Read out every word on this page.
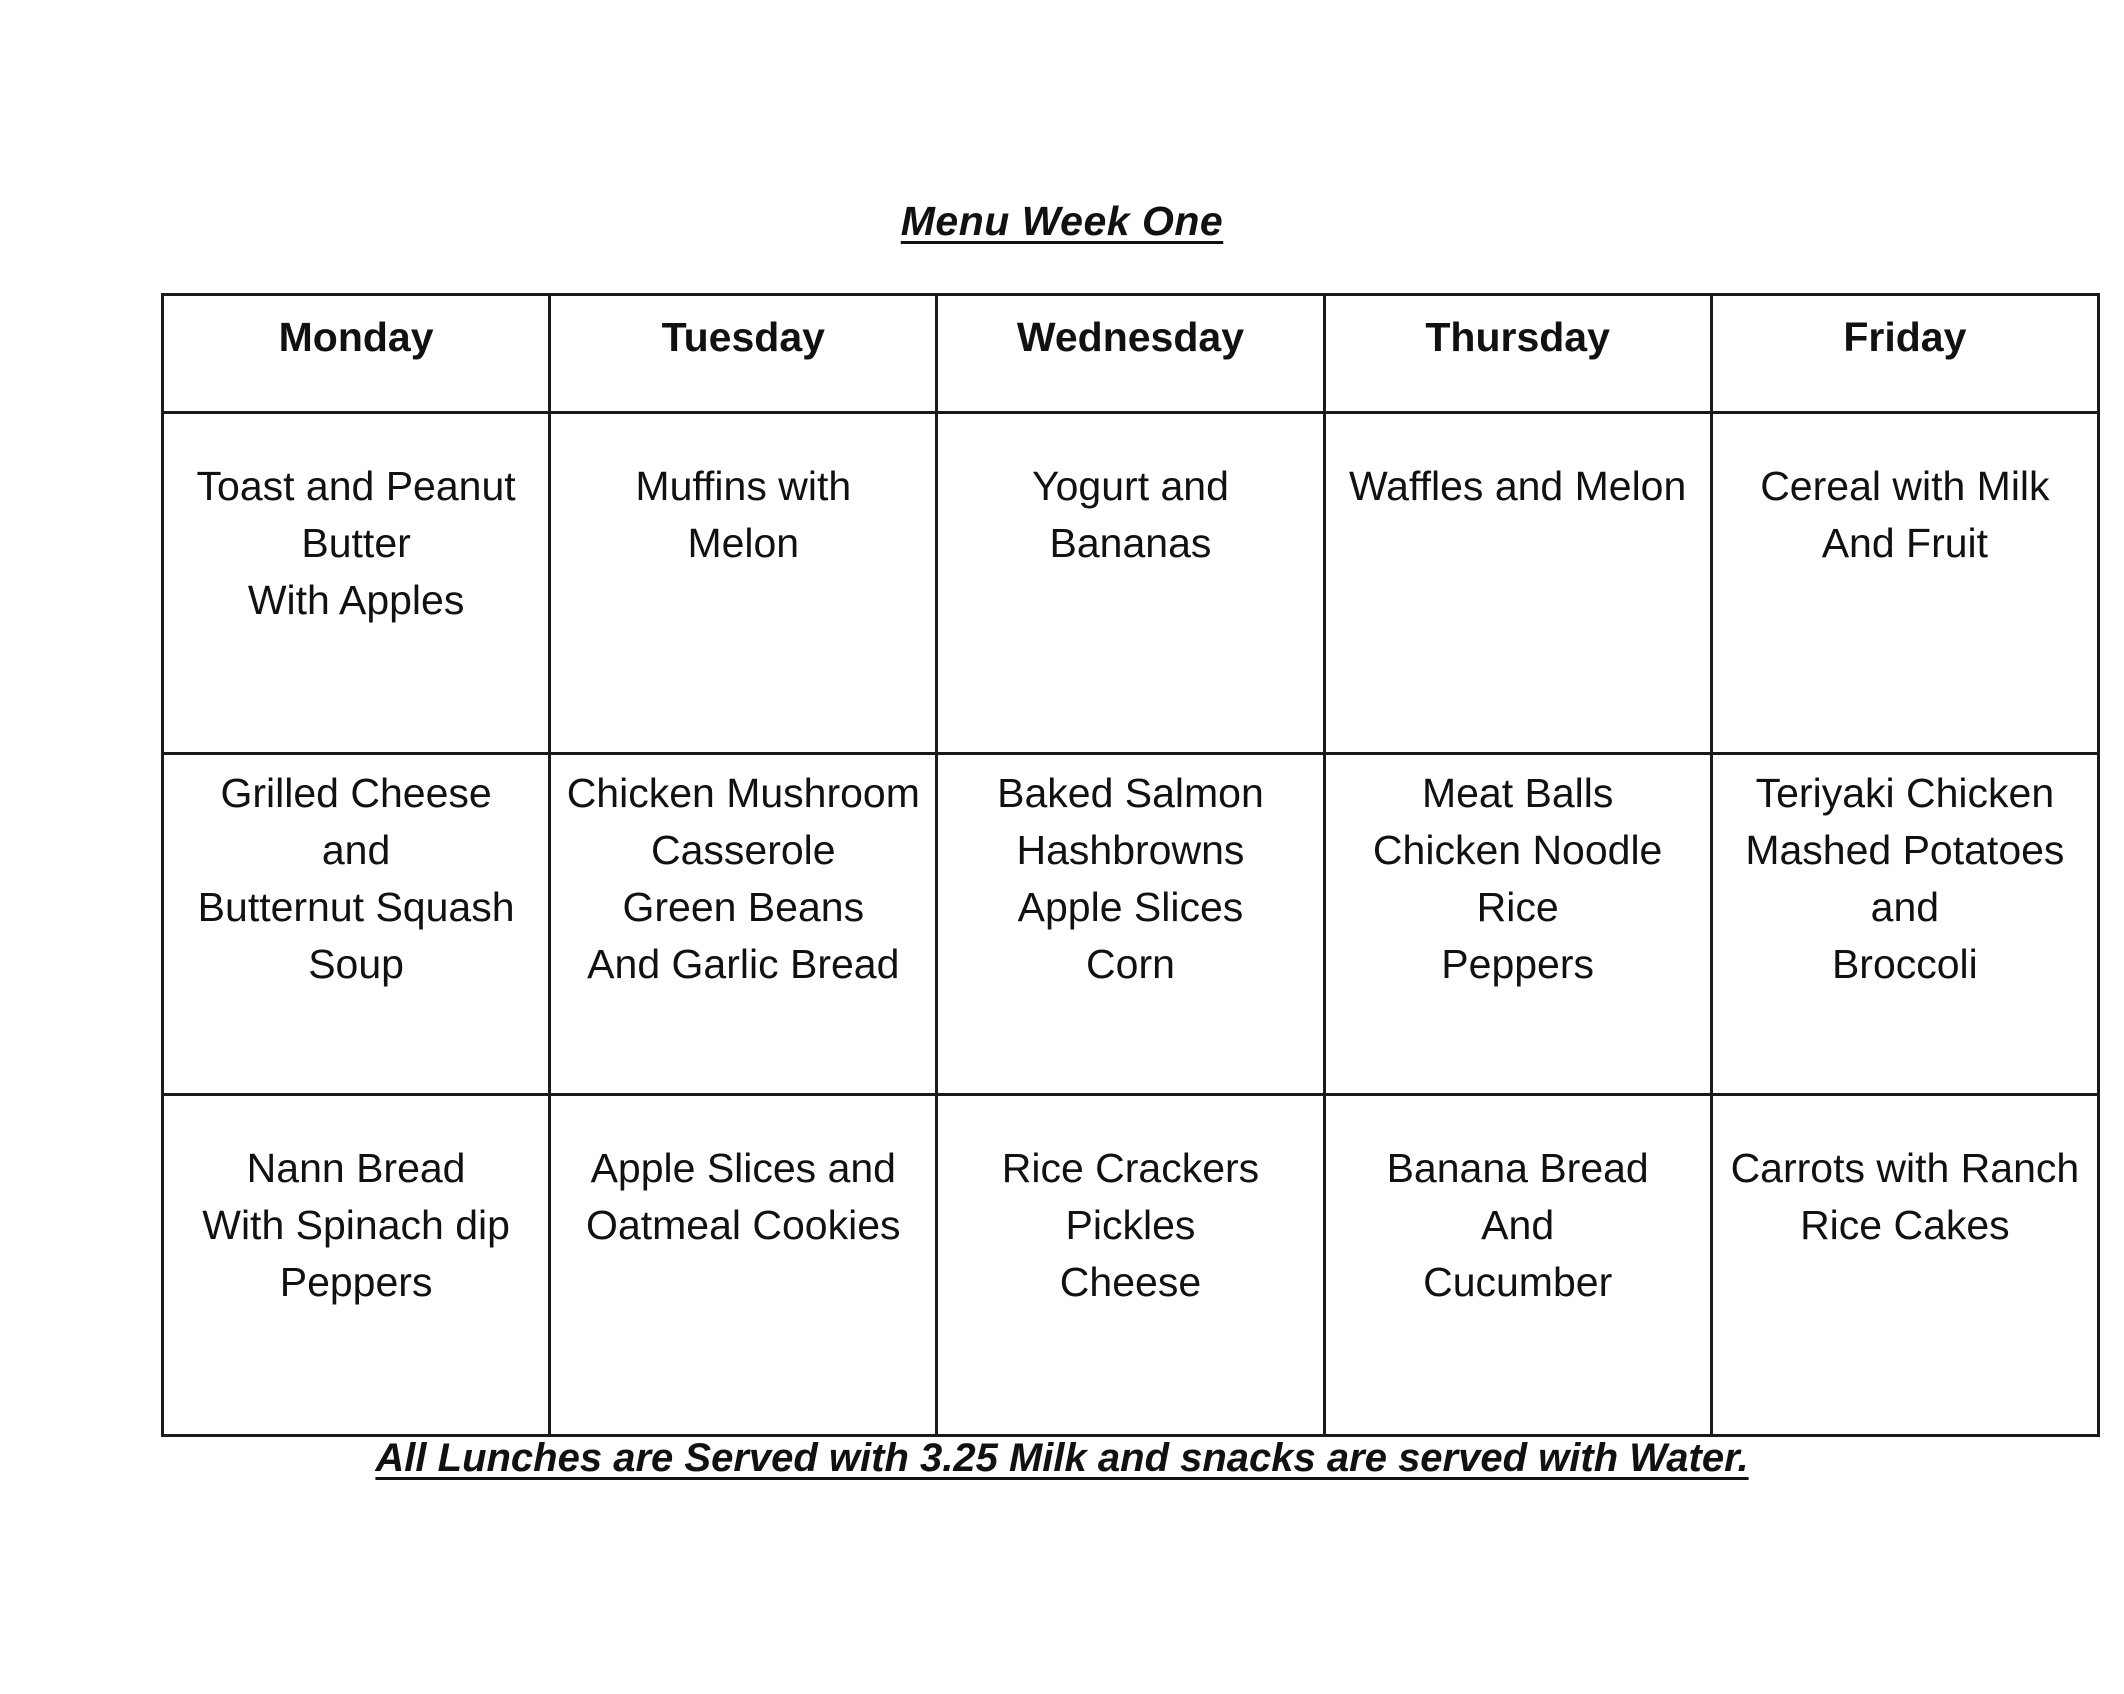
Menu Week One
Monday	Tuesday	Wednesday	Thursday	Friday

Toast and Peanut
Butter
With Apples	Muffins with
Melon	Yogurt and
Bananas	Waffles and Melon	Cereal with Milk
And Fruit

Grilled Cheese
and
Butternut Squash
Soup	Chicken Mushroom
Casserole
Green Beans
And Garlic Bread	Baked Salmon
Hashbrowns
Apple Slices
Corn	Meat Balls
Chicken Noodle
Rice
Peppers	Teriyaki Chicken
Mashed Potatoes
and
Broccoli

Nann Bread
With Spinach dip
Peppers	Apple Slices and
Oatmeal Cookies	Rice Crackers
Pickles
Cheese	Banana Bread
And
Cucumber	Carrots with Ranch
Rice Cakes
All Lunches are Served with 3.25 Milk and snacks are served with Water.
